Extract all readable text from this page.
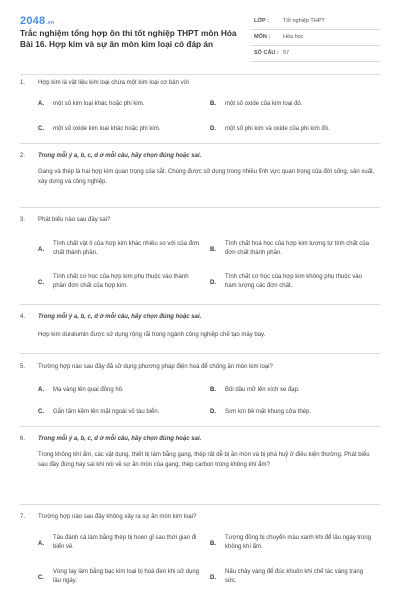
2048.vn
Trắc nghiệm tổng hợp ôn thi tốt nghiệp THPT môn Hóa Bài 16. Hợp kim và sự ăn mòn kim loại có đáp án
LỚP :	Tốt nghiệp THPT
MÔN : Hóa học
SỐ CÂU : 57
1. Hợp kim là vật liệu kim loại chứa một kim loại cơ bản với
A. một số kim loại khác hoặc phi kim.	B. một số oxide của kim loại đó.
C. một số oxide kim loại khác hoặc phi kim.	D. một số phi kim và oxide của phi kim đó.
2. Trong mỗi ý a, b, c, d ở mỗi câu, hãy chọn đúng hoặc sai.
Gang và thép là hai hợp kim quan trọng của sắt. Chúng được sử dụng trong nhiều lĩnh vực quan trọng của đời sống, sản xuất, xây dựng và công nghiệp.
3. Phát biểu nào sau đây sai?
A.
Tính chất vật lí của hợp kim khác nhiều so với của đơn chất thành phần.	B.
Tính chất hoá học của hợp kim tương tự tính chất của đơn chất thành phần.
C.
Tính chất cơ học của hợp kim phụ thuộc vào thành phần đơn chất của hợp kim.	D.
Tính chất cơ học của hợp kim không phụ thuộc vào hàm lượng các đơn chất.
4. Trong mỗi ý a, b, c, d ở mỗi câu, hãy chọn đúng hoặc sai.
Hợp kim duralumin được sử dụng rộng rãi trong ngành công nghiệp chế tạo máy bay.
5. Trường hợp nào sau đây đã sử dụng phương pháp điện hoá để chống ăn mòn kim loại?
A. Mạ vàng lên quai đồng hồ.	B. Bôi dầu mỡ lên xích xe đạp.
C. Gắn tấm kẽm lên mặt ngoài vỏ tàu biển.	D. Sơn kín bề mặt khung cửa thép.
6. Trong mỗi ý a, b, c, d ở mỗi câu, hãy chọn đúng hoặc sai.
Trong không khí ẩm, các vật dụng, thiết bị làm bằng gang, thép rất dễ bị ăn mòn và bị phá huỷ ở điều kiện thường. Phát biểu sau đây đúng hay sai khi nói về sự ăn mòn của gang, thép carbon trong không khí ẩm?
7. Trường hợp nào sau đây không xảy ra sự ăn mòn kim loại?
A.
Tàu đánh cá làm bằng thép bị hoen gỉ sau thời gian đi biển về.	B.
Tượng đồng bị chuyển màu xanh khi để lâu ngày trong không khí ẩm.
C.
Vòng tay làm bằng bạc kim loại bị hoá đen khi sử dụng lâu ngày.	D.
Nấu chảy vàng để đúc khuôn khi chế tác vàng trang sức.
